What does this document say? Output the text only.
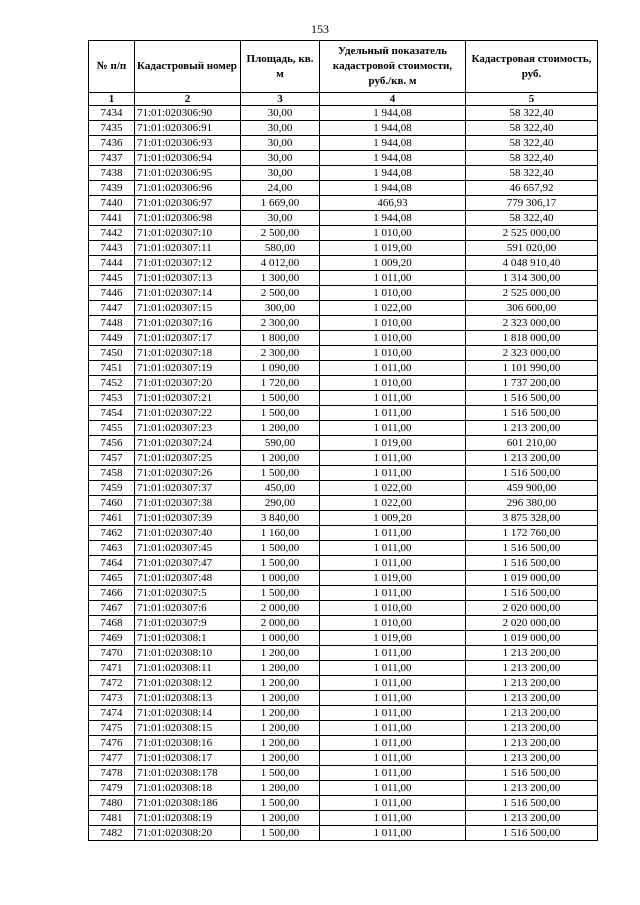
153
№ п/п	Кадастровый номер	Площадь, кв. м	Удельный показатель кадастровой стоимости, руб./кв. м	Кадастровая стоимость, руб.
1	2	3	4	5
7434	71:01:020306:90	30,00	1 944,08	58 322,40
7435	71:01:020306:91	30,00	1 944,08	58 322,40
7436	71:01:020306:93	30,00	1 944,08	58 322,40
7437	71:01:020306:94	30,00	1 944,08	58 322,40
7438	71:01:020306:95	30,00	1 944,08	58 322,40
7439	71:01:020306:96	24,00	1 944,08	46 657,92
7440	71:01:020306:97	1 669,00	466,93	779 306,17
7441	71:01:020306:98	30,00	1 944,08	58 322,40
7442	71:01:020307:10	2 500,00	1 010,00	2 525 000,00
7443	71:01:020307:11	580,00	1 019,00	591 020,00
7444	71:01:020307:12	4 012,00	1 009,20	4 048 910,40
7445	71:01:020307:13	1 300,00	1 011,00	1 314 300,00
7446	71:01:020307:14	2 500,00	1 010,00	2 525 000,00
7447	71:01:020307:15	300,00	1 022,00	306 600,00
7448	71:01:020307:16	2 300,00	1 010,00	2 323 000,00
7449	71:01:020307:17	1 800,00	1 010,00	1 818 000,00
7450	71:01:020307:18	2 300,00	1 010,00	2 323 000,00
7451	71:01:020307:19	1 090,00	1 011,00	1 101 990,00
7452	71:01:020307:20	1 720,00	1 010,00	1 737 200,00
7453	71:01:020307:21	1 500,00	1 011,00	1 516 500,00
7454	71:01:020307:22	1 500,00	1 011,00	1 516 500,00
7455	71:01:020307:23	1 200,00	1 011,00	1 213 200,00
7456	71:01:020307:24	590,00	1 019,00	601 210,00
7457	71:01:020307:25	1 200,00	1 011,00	1 213 200,00
7458	71:01:020307:26	1 500,00	1 011,00	1 516 500,00
7459	71:01:020307:37	450,00	1 022,00	459 900,00
7460	71:01:020307:38	290,00	1 022,00	296 380,00
7461	71:01:020307:39	3 840,00	1 009,20	3 875 328,00
7462	71:01:020307:40	1 160,00	1 011,00	1 172 760,00
7463	71:01:020307:45	1 500,00	1 011,00	1 516 500,00
7464	71:01:020307:47	1 500,00	1 011,00	1 516 500,00
7465	71:01:020307:48	1 000,00	1 019,00	1 019 000,00
7466	71:01:020307:5	1 500,00	1 011,00	1 516 500,00
7467	71:01:020307:6	2 000,00	1 010,00	2 020 000,00
7468	71:01:020307:9	2 000,00	1 010,00	2 020 000,00
7469	71:01:020308:1	1 000,00	1 019,00	1 019 000,00
7470	71:01:020308:10	1 200,00	1 011,00	1 213 200,00
7471	71:01:020308:11	1 200,00	1 011,00	1 213 200,00
7472	71:01:020308:12	1 200,00	1 011,00	1 213 200,00
7473	71:01:020308:13	1 200,00	1 011,00	1 213 200,00
7474	71:01:020308:14	1 200,00	1 011,00	1 213 200,00
7475	71:01:020308:15	1 200,00	1 011,00	1 213 200,00
7476	71:01:020308:16	1 200,00	1 011,00	1 213 200,00
7477	71:01:020308:17	1 200,00	1 011,00	1 213 200,00
7478	71:01:020308:178	1 500,00	1 011,00	1 516 500,00
7479	71:01:020308:18	1 200,00	1 011,00	1 213 200,00
7480	71:01:020308:186	1 500,00	1 011,00	1 516 500,00
7481	71:01:020308:19	1 200,00	1 011,00	1 213 200,00
7482	71:01:020308:20	1 500,00	1 011,00	1 516 500,00
